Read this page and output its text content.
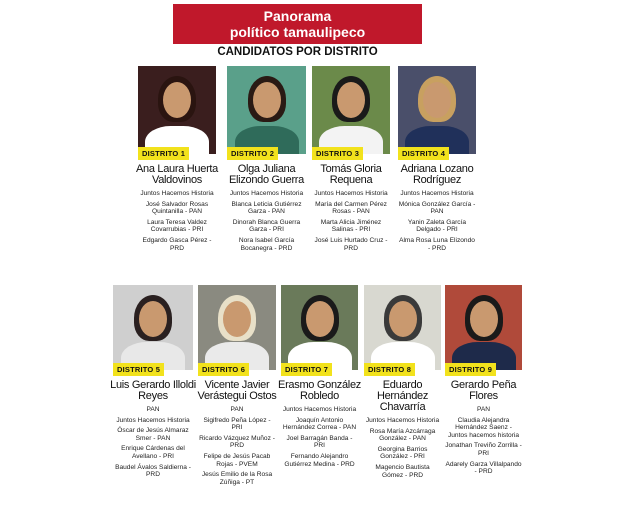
Panorama
político tamaulipeco
CANDIDATOS POR DISTRITO
DISTRITO 1
Ana Laura Huerta Valdovinos
Juntos Hacemos Historia
José Salvador Rosas Quintanilla - PAN
Laura Teresa Valdez Covarrubias - PRI
Edgardo Gasca Pérez - PRD
DISTRITO 2
Olga Juliana Elizondo Guerra
Juntos Hacemos Historia
Blanca Leticia Gutiérrez Garza - PAN
Dinorah Blanca Guerra Garza - PRI
Nora Isabel García Bocanegra - PRD
DISTRITO 3
Tomás Gloria Requena
Juntos Hacemos Historia
María del Carmen Pérez Rosas - PAN
Marta Alicia Jiménez Salinas - PRI
José Luis Hurtado Cruz - PRD
DISTRITO 4
Adriana Lozano Rodríguez
Juntos Hacemos Historia
Mónica González García - PAN
Yanin Zaleta García Delgado - PRI
Alma Rosa Luna Elizondo - PRD
DISTRITO 5
Luis Gerardo Illoldi Reyes
PAN
Juntos Hacemos Historia
Óscar de Jesús Almaraz Smer - PAN
Enrique Cárdenas del Avellano - PRI
Baudel Ávalos Saldierna - PRD
DISTRITO 6
Vicente Javier Verástegui Ostos
PAN
Sigifredo Peña López - PRI
Ricardo Vázquez Muñoz - PRD
Felipe de Jesús Pacab Rojas - PVEM
Jesús Emilio de la Rosa Zúñiga - PT
DISTRITO 7
Erasmo González Robledo
Juntos Hacemos Historia
Joaquín Antonio Hernández Correa - PAN
Joel Barragán Banda - PRI
Fernando Alejandro Gutiérrez Medina - PRD
DISTRITO 8
Eduardo Hernández Chavarría
Juntos Hacemos Historia
Rosa María Azcárraga González - PAN
Georgina Barrios González - PRI
Magencio Bautista Gómez - PRD
DISTRITO 9
Gerardo Peña Flores
PAN
Claudia Alejandra Hernández Saenz - Juntos hacemos historia
Jonathan Treviño Zorrilla - PRI
Adarely Garza Villalpando - PRD
